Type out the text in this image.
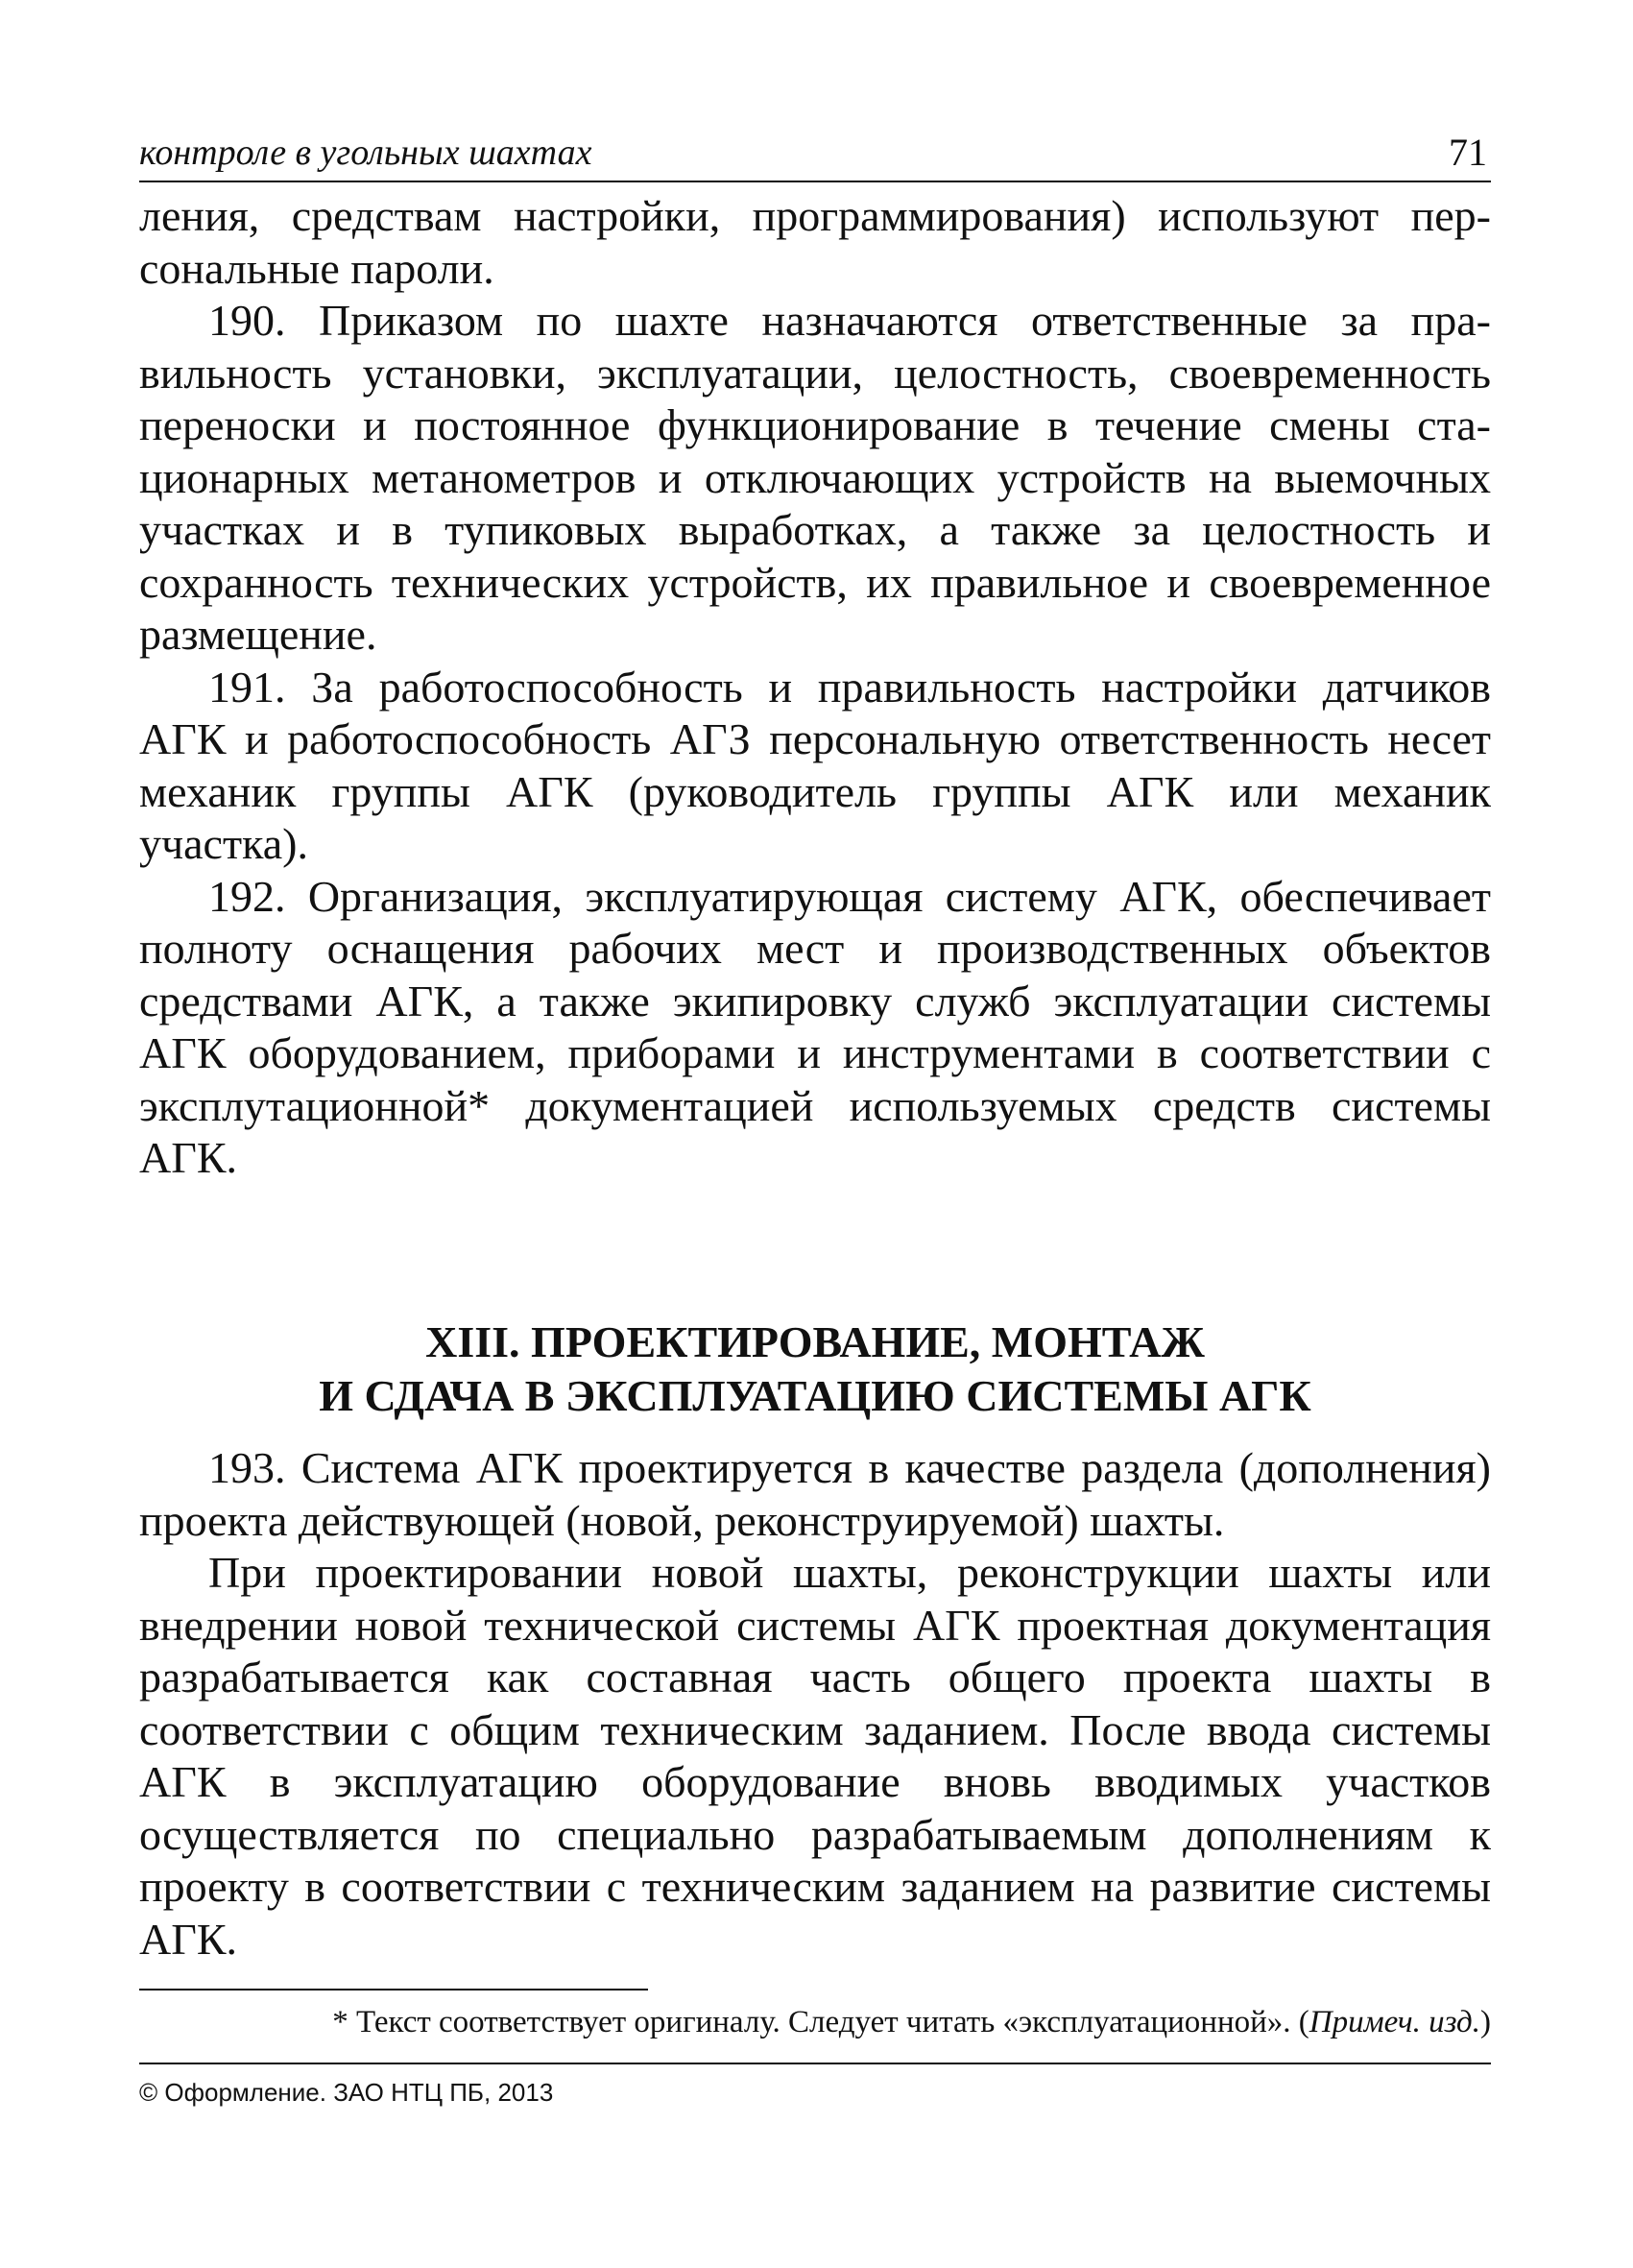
контроле в угольных шахтах	71

ления, средствам настройки, программирования) используют персональные пароли.

190. Приказом по шахте назначаются ответственные за правильность установки, эксплуатации, целостность, своевременность переноски и постоянное функционирование в течение смены стационарных метанометров и отключающих устройств на выемочных участках и в тупиковых выработках, а также за целостность и сохранность технических устройств, их правильное и своевременное размещение.

191. За работоспособность и правильность настройки датчиков АГК и работоспособность АГЗ персональную ответственность несет механик группы АГК (руководитель группы АГК или механик участка).

192. Организация, эксплуатирующая систему АГК, обеспечивает полноту оснащения рабочих мест и производственных объектов средствами АГК, а также экипировку служб эксплуатации системы АГК оборудованием, приборами и инструментами в соответствии с эксплутационной* документацией используемых средств системы АГК.

XIII. ПРОЕКТИРОВАНИЕ, МОНТАЖ
И СДАЧА В ЭКСПЛУАТАЦИЮ СИСТЕМЫ АГК

193. Система АГК проектируется в качестве раздела (дополнения) проекта действующей (новой, реконструируемой) шахты.

При проектировании новой шахты, реконструкции шахты или внедрении новой технической системы АГК проектная документация разрабатывается как составная часть общего проекта шахты в соответствии с общим техническим заданием. После ввода системы АГК в эксплуатацию оборудование вновь вводимых участков осуществляется по специально разрабатываемым дополнениям к проекту в соответствии с техническим заданием на развитие системы АГК.

* Текст соответствует оригиналу. Следует читать «эксплуатационной». (Примеч. изд.)
© Оформление. ЗАО НТЦ ПБ, 2013
